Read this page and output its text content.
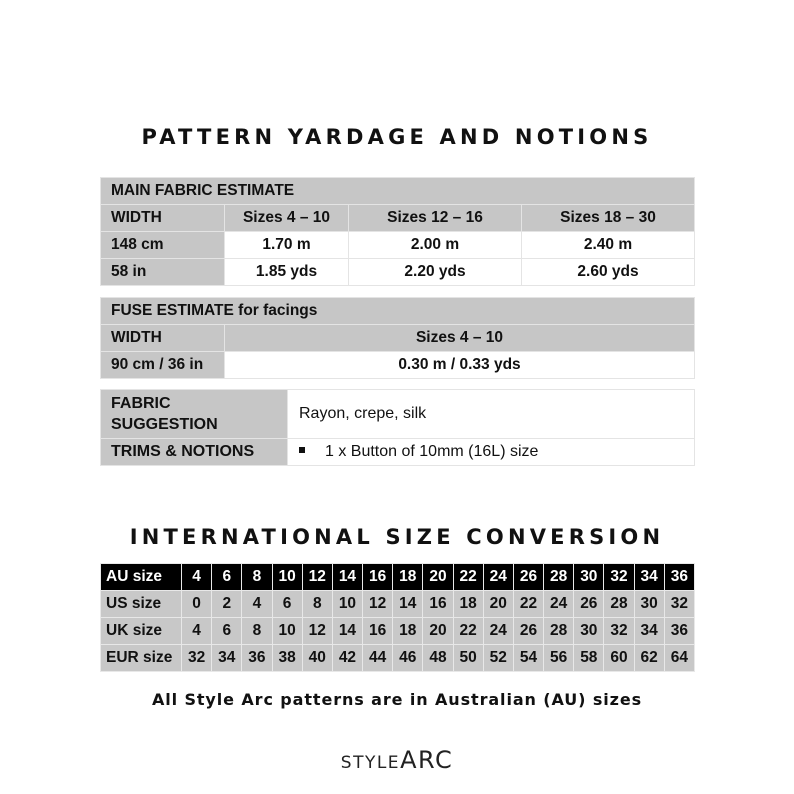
PATTERN YARDAGE AND NOTIONS
MAIN FABRIC ESTIMATE			
WIDTH	Sizes 4 – 10	Sizes 12 – 16	Sizes 18 – 30
148 cm	1.70 m	2.00 m	2.40 m
58 in	1.85 yds	2.20 yds	2.60 yds
FUSE ESTIMATE for facings	
WIDTH	Sizes 4 – 10
90 cm / 36 in	0.30 m / 0.33 yds
FABRIC
SUGGESTION	Rayon, crepe, silk
TRIMS & NOTIONS	1 x Button of 10mm (16L) size
INTERNATIONAL SIZE CONVERSION
AU size	4	6	8	10	12	14	16	18	20	22	24	26	28	30	32	34	36
US size	0	2	4	6	8	10	12	14	16	18	20	22	24	26	28	30	32
UK size	4	6	8	10	12	14	16	18	20	22	24	26	28	30	32	34	36
EUR size	32	34	36	38	40	42	44	46	48	50	52	54	56	58	60	62	64
All Style Arc patterns are in Australian (AU) sizes
STYLEARC
